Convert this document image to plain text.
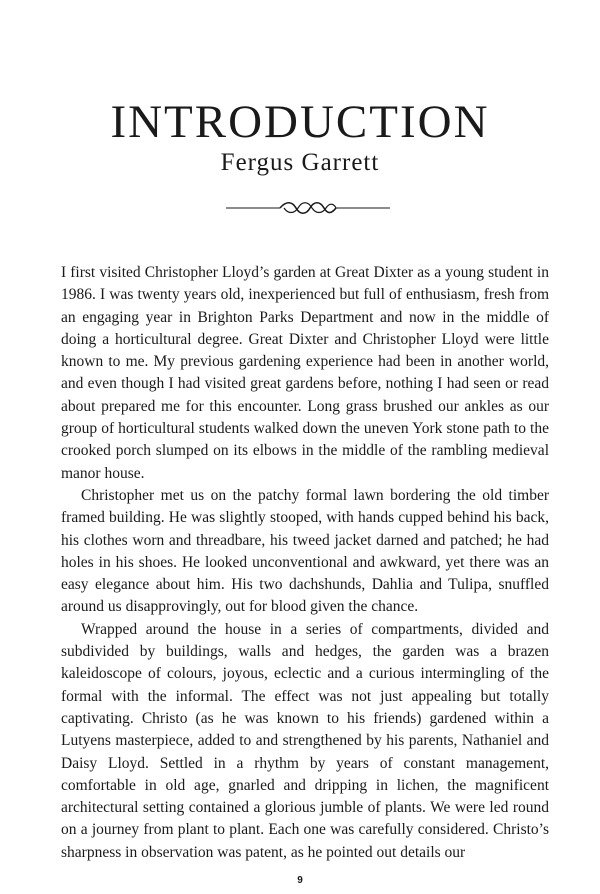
INTRODUCTION
Fergus Garrett

I first visited Christopher Lloyd’s garden at Great Dixter as a young student in 1986. I was twenty years old, inexperienced but full of enthusiasm, fresh from an engaging year in Brighton Parks Department and now in the middle of doing a horticultural degree. Great Dixter and Christopher Lloyd were little known to me. My previous gardening experience had been in another world, and even though I had visited great gardens before, nothing I had seen or read about prepared me for this encounter. Long grass brushed our ankles as our group of horticultural students walked down the uneven York stone path to the crooked porch slumped on its elbows in the middle of the rambling medieval manor house.

Christopher met us on the patchy formal lawn bordering the old timber framed building. He was slightly stooped, with hands cupped behind his back, his clothes worn and threadbare, his tweed jacket darned and patched; he had holes in his shoes. He looked unconventional and awkward, yet there was an easy elegance about him. His two dachshunds, Dahlia and Tulipa, snuffled around us disapprovingly, out for blood given the chance.

Wrapped around the house in a series of compartments, divided and subdivided by buildings, walls and hedges, the garden was a brazen kaleidoscope of colours, joyous, eclectic and a curious intermingling of the formal with the informal. The effect was not just appealing but totally captivating. Christo (as he was known to his friends) gardened within a Lutyens masterpiece, added to and strengthened by his parents, Nathaniel and Daisy Lloyd. Settled in a rhythm by years of constant management, comfortable in old age, gnarled and dripping in lichen, the magnificent architectural setting contained a glorious jumble of plants. We were led round on a journey from plant to plant. Each one was carefully considered. Christo’s sharpness in observation was patent, as he pointed out details our

9
